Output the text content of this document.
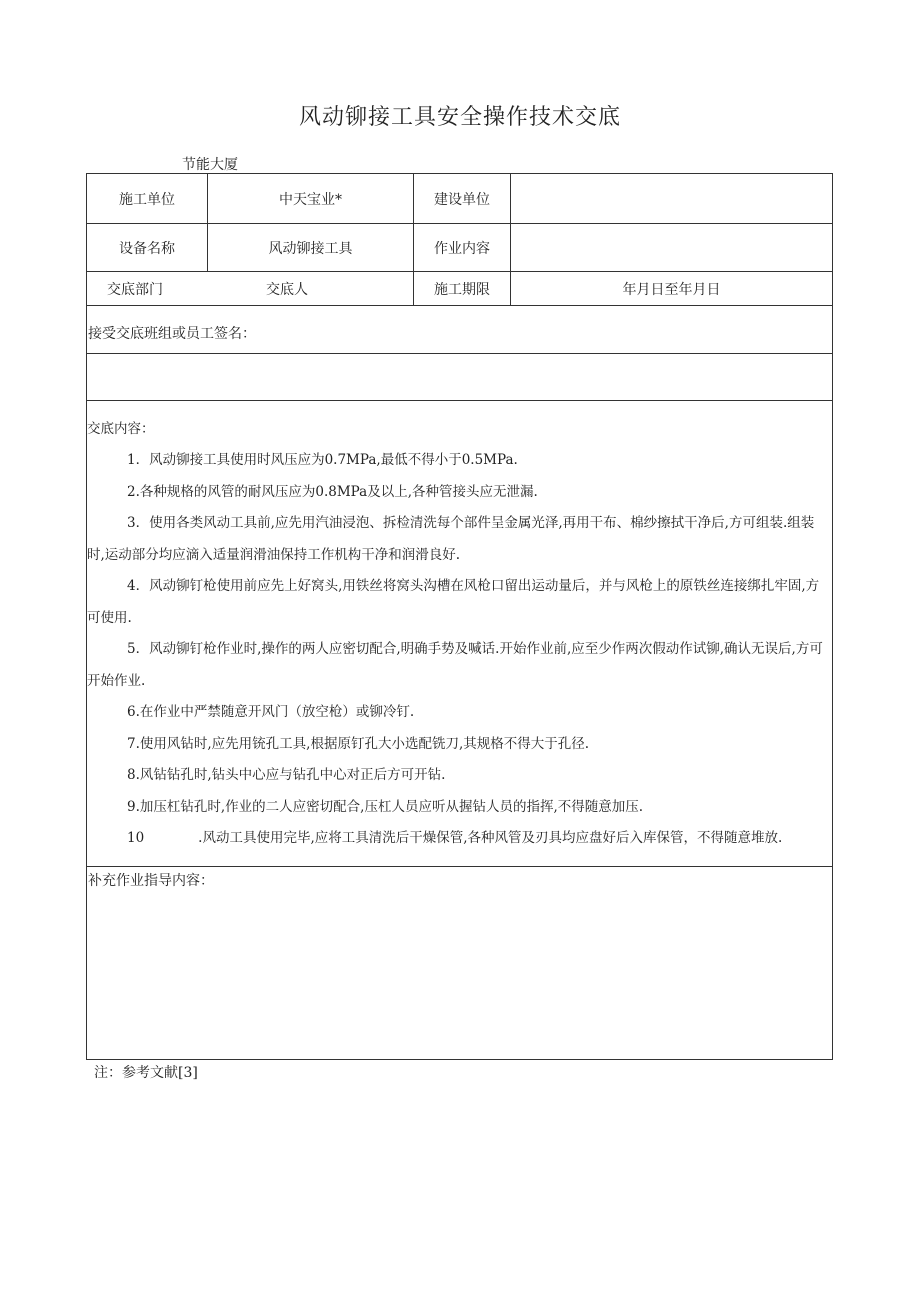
风动铆接工具安全操作技术交底
节能大厦
施工单位	中天宝业*	建设单位
设备名称	风动铆接工具	作业内容
交底部门	交底人	施工期限	年月日至年月日
接受交底班组或员工签名：

交底内容：

1．风动铆接工具使用时风压应为0.7MPa,最低不得小于0.5MPa.

2.各种规格的风管的耐风压应为0.8MPa及以上,各种管接头应无泄漏.

3．使用各类风动工具前,应先用汽油浸泡、拆检清洗每个部件呈金属光泽,再用干布、棉纱擦拭干净后,方可组装.组装时,运动部分均应滴入适量润滑油保持工作机构干净和润滑良好.

4．风动铆钉枪使用前应先上好窝头,用铁丝将窝头沟槽在风枪口留出运动量后，并与风枪上的原铁丝连接绑扎牢固,方可使用.

5．风动铆钉枪作业时,操作的两人应密切配合,明确手势及喊话.开始作业前,应至少作两次假动作试铆,确认无误后,方可开始作业.

6.在作业中严禁随意开风门（放空枪）或铆冷钉.

7.使用风钻时,应先用铳孔工具,根据原钉孔大小选配铣刀,其规格不得大于孔径.

8.风钻钻孔时,钻头中心应与钻孔中心对正后方可开钻.

9.加压杠钻孔时,作业的二人应密切配合,压杠人员应听从握钻人员的指挥,不得随意加压.

10　　　　.风动工具使用完毕,应将工具清洗后干燥保管,各种风管及刃具均应盘好后入库保管，不得随意堆放.

补充作业指导内容：
注：参考文献[3]
